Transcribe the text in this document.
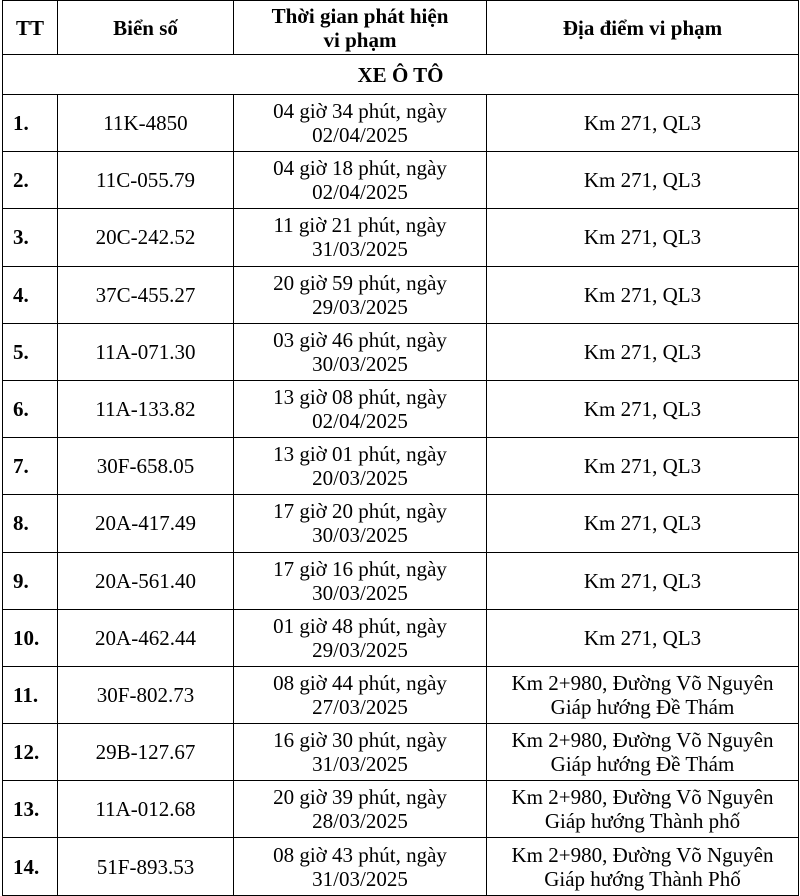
TT	Biển số	Thời gian phát hiện
vi phạm	Địa điểm vi phạm
XE Ô TÔ			
1.	11K-4850	04 giờ 34 phút, ngày
02/04/2025	Km 271, QL3

2.	11C-055.79	04 giờ 18 phút, ngày
02/04/2025	Km 271, QL3

3.	20C-242.52	11 giờ 21 phút, ngày
31/03/2025	Km 271, QL3

4.	37C-455.27	20 giờ 59 phút, ngày
29/03/2025	Km 271, QL3

5.	11A-071.30	03 giờ 46 phút, ngày
30/03/2025	Km 271, QL3

6.	11A-133.82	13 giờ 08 phút, ngày
02/04/2025	Km 271, QL3

7.	30F-658.05	13 giờ 01 phút, ngày
20/03/2025	Km 271, QL3

8.	20A-417.49	17 giờ 20 phút, ngày
30/03/2025	Km 271, QL3

9.	20A-561.40	17 giờ 16 phút, ngày
30/03/2025	Km 271, QL3

10.	20A-462.44	01 giờ 48 phút, ngày
29/03/2025	Km 271, QL3

11.	30F-802.73	08 giờ 44 phút, ngày
27/03/2025	Km 2+980, Đường Võ Nguyên
Giáp hướng Đề Thám

12.	29B-127.67	16 giờ 30 phút, ngày
31/03/2025	Km 2+980, Đường Võ Nguyên
Giáp hướng Đề Thám

13.	11A-012.68	20 giờ 39 phút, ngày
28/03/2025	Km 2+980, Đường Võ Nguyên
Giáp hướng Thành phố

14.	51F-893.53	08 giờ 43 phút, ngày
31/03/2025	Km 2+980, Đường Võ Nguyên
Giáp hướng Thành Phố
